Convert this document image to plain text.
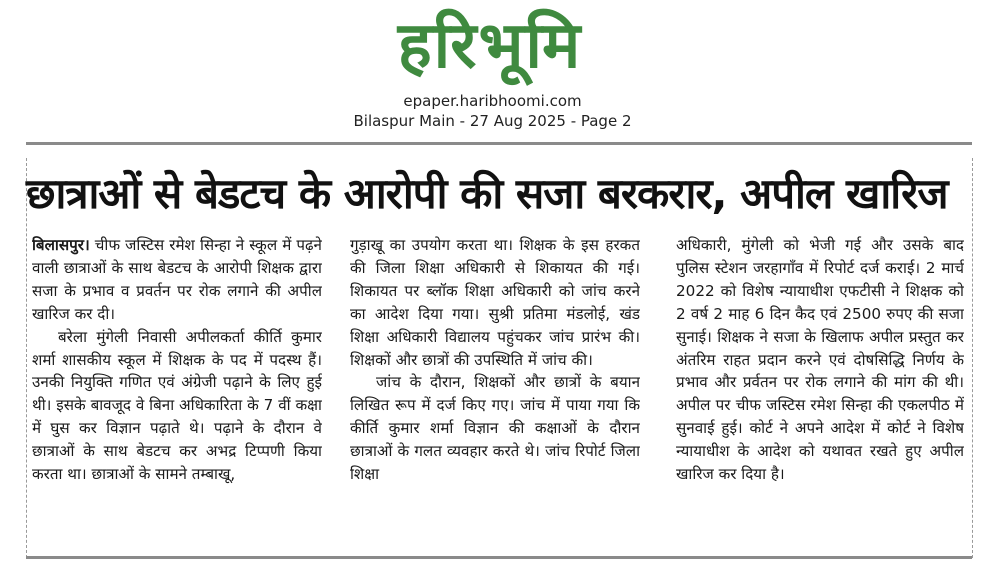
हरिभूमि
epaper.haribhoomi.com
Bilaspur Main - 27 Aug 2025 - Page 2
छात्राओं से बेडटच के आरोपी की सजा बरकरार, अपील खारिज

बिलासपुर। चीफ जस्टिस रमेश सिन्हा ने स्कूल में पढ़ने वाली छात्राओं के साथ बेडटच के आरोपी शिक्षक द्वारा सजा के प्रभाव व प्रवर्तन पर रोक लगाने की अपील खारिज कर दी।

बरेला मुंगेली निवासी अपीलकर्ता कीर्ति कुमार शर्मा शासकीय स्कूल में शिक्षक के पद में पदस्थ हैं। उनकी नियुक्ति गणित एवं अंग्रेजी पढ़ाने के लिए हुई थी। इसके बावजूद वे बिना अधिकारिता के 7 वीं कक्षा में घुस कर विज्ञान पढ़ाते थे। पढ़ाने के दौरान वे छात्राओं के साथ बेडटच कर अभद्र टिप्पणी किया करता था। छात्राओं के सामने तम्बाखू,

गुड़ाखू का उपयोग करता था। शिक्षक के इस हरकत की जिला शिक्षा अधिकारी से शिकायत की गई। शिकायत पर ब्लॉक शिक्षा अधिकारी को जांच करने का आदेश दिया गया। सुश्री प्रतिमा मंडलोई, खंड शिक्षा अधिकारी विद्यालय पहुंचकर जांच प्रारंभ की। शिक्षकों और छात्रों की उपस्थिति में जांच की।

जांच के दौरान, शिक्षकों और छात्रों के बयान लिखित रूप में दर्ज किए गए। जांच में पाया गया कि कीर्ति कुमार शर्मा विज्ञान की कक्षाओं के दौरान छात्राओं के गलत व्यवहार करते थे। जांच रिपोर्ट जिला शिक्षा

अधिकारी, मुंगेली को भेजी गई और उसके बाद पुलिस स्टेशन जरहागाँव में रिपोर्ट दर्ज कराई। 2 मार्च 2022 को विशेष न्यायाधीश एफटीसी ने शिक्षक को 2 वर्ष 2 माह 6 दिन कैद एवं 2500 रुपए की सजा सुनाई। शिक्षक ने सजा के खिलाफ अपील प्रस्तुत कर अंतरिम राहत प्रदान करने एवं दोषसिद्धि निर्णय के प्रभाव और प्रर्वतन पर रोक लगाने की मांग की थी। अपील पर चीफ जस्टिस रमेश सिन्हा की एकलपीठ में सुनवाई हुई। कोर्ट ने अपने आदेश में कोर्ट ने विशेष न्यायाधीश के आदेश को यथावत रखते हुए अपील खारिज कर दिया है।
